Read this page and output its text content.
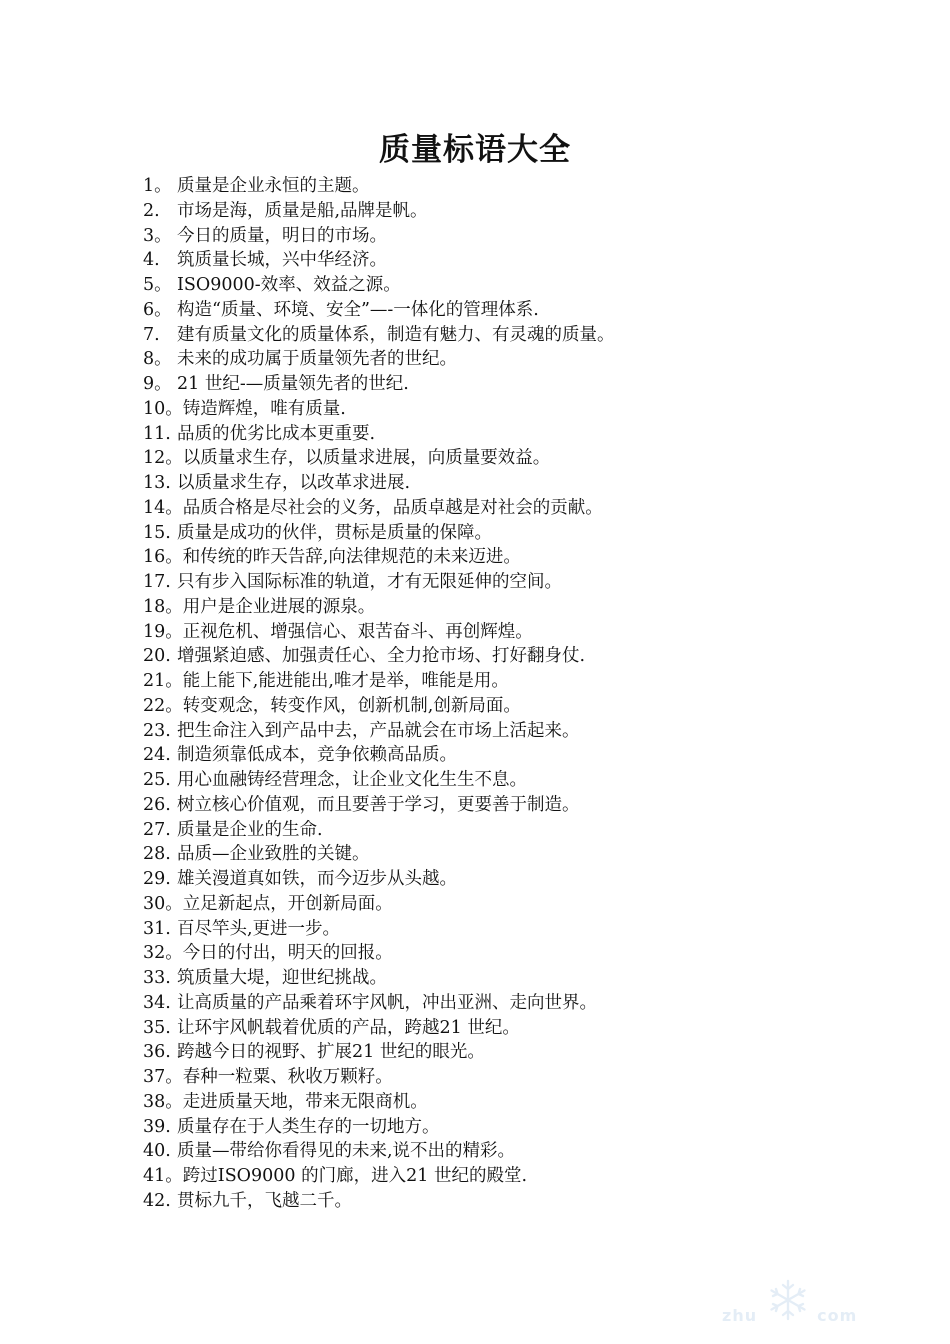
质量标语大全
1。 质量是企业永恒的主题。
2. 市场是海，质量是船,品牌是帆。
3。 今日的质量，明日的市场。
4. 筑质量长城，兴中华经济。
5。 ISO9000-效率、效益之源。
6。 构造“质量、环境、安全”—-一体化的管理体系.
7. 建有质量文化的质量体系，制造有魅力、有灵魂的质量。
8。 未来的成功属于质量领先者的世纪。
9。 21 世纪-—质量领先者的世纪.
10。铸造辉煌，唯有质量.
11. 品质的优劣比成本更重要.
12。以质量求生存，以质量求进展，向质量要效益。
13. 以质量求生存，以改革求进展.
14。品质合格是尽社会的义务，品质卓越是对社会的贡献。
15. 质量是成功的伙伴，贯标是质量的保障。
16。和传统的昨天告辞,向法律规范的未来迈进。
17. 只有步入国际标准的轨道，才有无限延伸的空间。
18。用户是企业进展的源泉。
19。正视危机、增强信心、艰苦奋斗、再创辉煌。
20. 增强紧迫感、加强责任心、全力抢市场、打好翻身仗.
21。能上能下,能进能出,唯才是举，唯能是用。
22。转变观念，转变作风，创新机制,创新局面。
23. 把生命注入到产品中去，产品就会在市场上活起来。
24. 制造须靠低成本，竞争依赖高品质。
25. 用心血融铸经营理念，让企业文化生生不息。
26. 树立核心价值观，而且要善于学习，更要善于制造。
27. 质量是企业的生命.
28. 品质—企业致胜的关键。
29. 雄关漫道真如铁，而今迈步从头越。
30。立足新起点，开创新局面。
31. 百尽竿头,更进一步。
32。今日的付出，明天的回报。
33. 筑质量大堤，迎世纪挑战。
34. 让高质量的产品乘着环宇风帆，冲出亚洲、走向世界。
35. 让环宇风帆载着优质的产品，跨越21 世纪。
36. 跨越今日的视野、扩展21 世纪的眼光。
37。春种一粒粟、秋收万颗籽。
38。走进质量天地，带来无限商机。
39. 质量存在于人类生存的一切地方。
40. 质量—带给你看得见的未来,说不出的精彩。
41。跨过ISO9000 的门廊，进入21 世纪的殿堂.
42. 贯标九千，飞越二千。
zhu	com
